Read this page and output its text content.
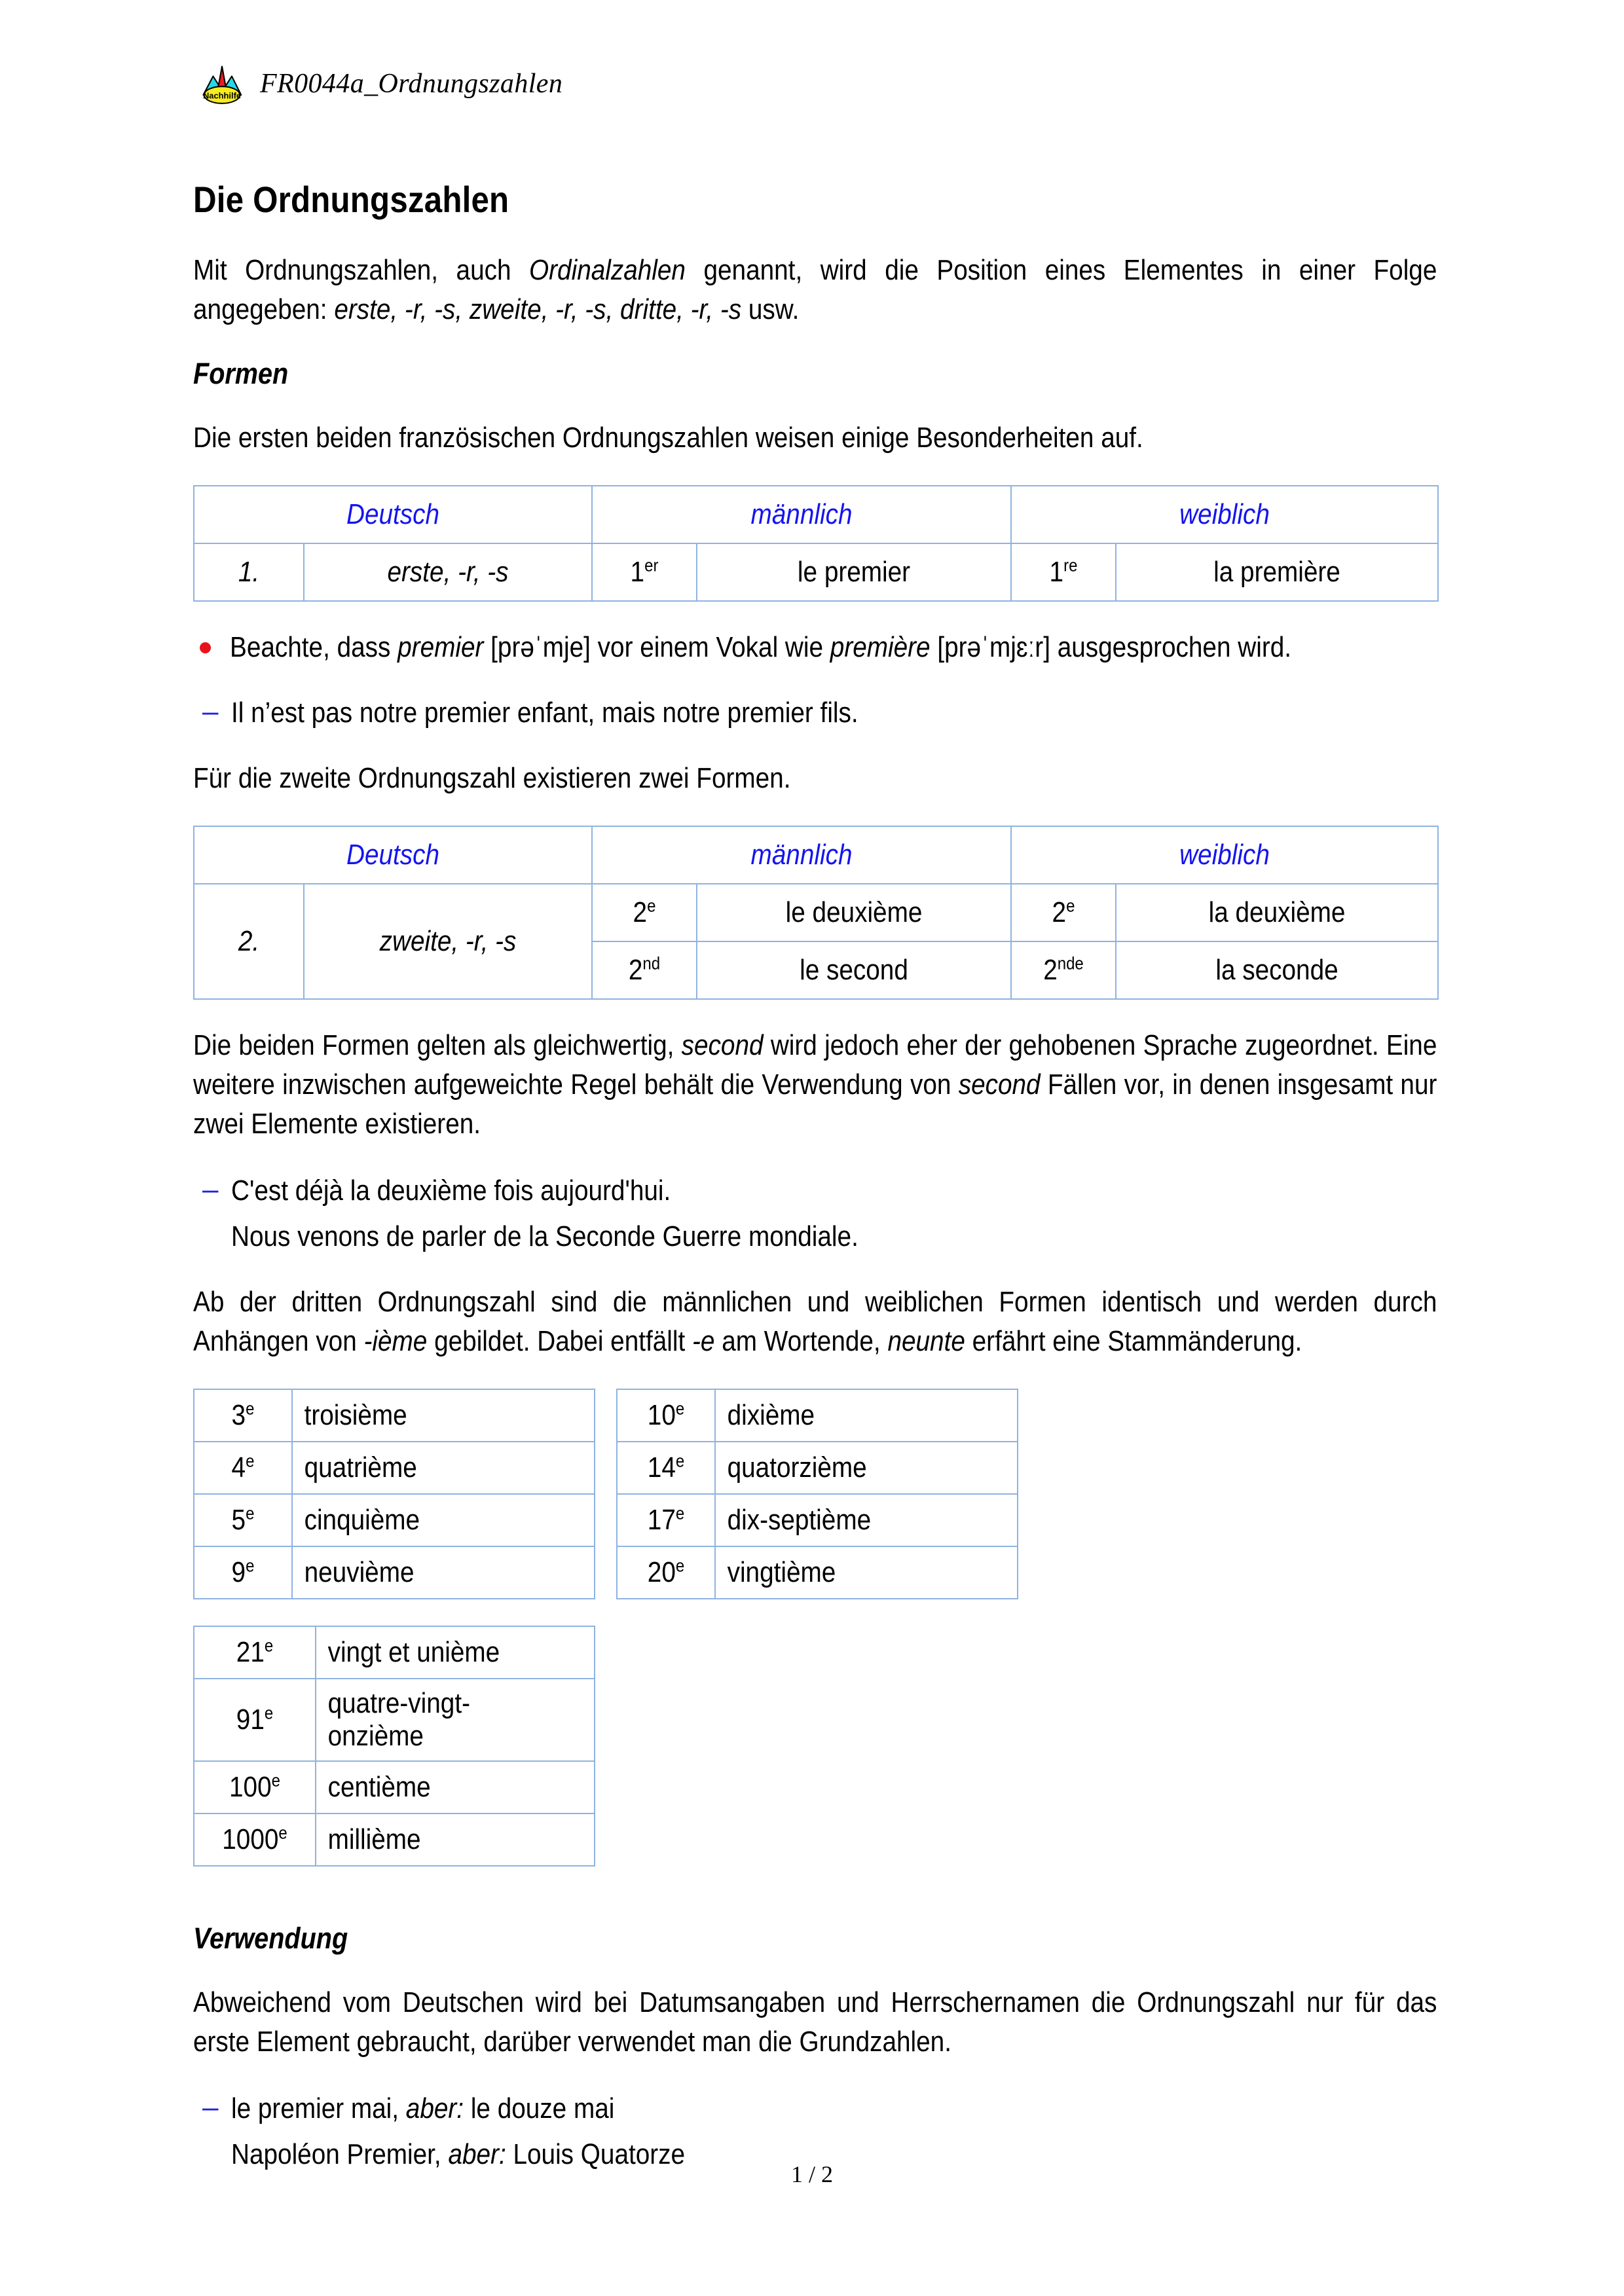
Nachhilfe FR0044a_Ordnungszahlen
Die Ordnungszahlen

Mit Ordnungszahlen, auch Ordinalzahlen genannt, wird die Position eines Elementes in einer Folge angegeben: erste, -r, -s, zweite, -r, -s, dritte, -r, -s usw.

Formen

Die ersten beiden französischen Ordnungszahlen weisen einige Besonderheiten auf.

Deutsch		männlich		weiblich	

1.	erste, -r, -s	1er	le premier	1re	la première
Beachte, dass premier [prəˈmje] vor einem Vokal wie première [prəˈmjɛːr] ausgesprochen wird.
– Il n’est pas notre premier enfant, mais notre premier fils.

Für die zweite Ordnungszahl existieren zwei Formen.

Deutsch		männlich		weiblich	

2.	zweite, -r, -s	2e	le deuxième	2e	la deuxième

		2nd	le second	2nde	la seconde

Die beiden Formen gelten als gleichwertig, second wird jedoch eher der gehobenen Sprache zugeordnet. Eine weitere inzwischen aufgeweichte Regel behält die Verwendung von second Fällen vor, in denen insgesamt nur zwei Elemente existieren.

– C'est déjà la deuxième fois aujourd'hui.
Nous venons de parler de la Seconde Guerre mondiale.

Ab der dritten Ordnungszahl sind die männlichen und weiblichen Formen identisch und werden durch Anhängen von -ième gebildet. Dabei entfällt -e am Wortende, neunte erfährt eine Stammänderung.

3e	troisième

4e	quatrième

5e	cinquième

9e	neuvième
10e	dixième

14e	quatorzième

17e	dix-septième

20e	vingtième
21e	vingt et unième

91e	quatre-vingt-onzième

100e	centième

1000e	millième
Verwendung

Abweichend vom Deutschen wird bei Datumsangaben und Herrschernamen die Ordnungszahl nur für das erste Element gebraucht, darüber verwendet man die Grundzahlen.

– le premier mai, aber: le douze mai
Napoléon Premier, aber: Louis Quatorze
1 / 2
